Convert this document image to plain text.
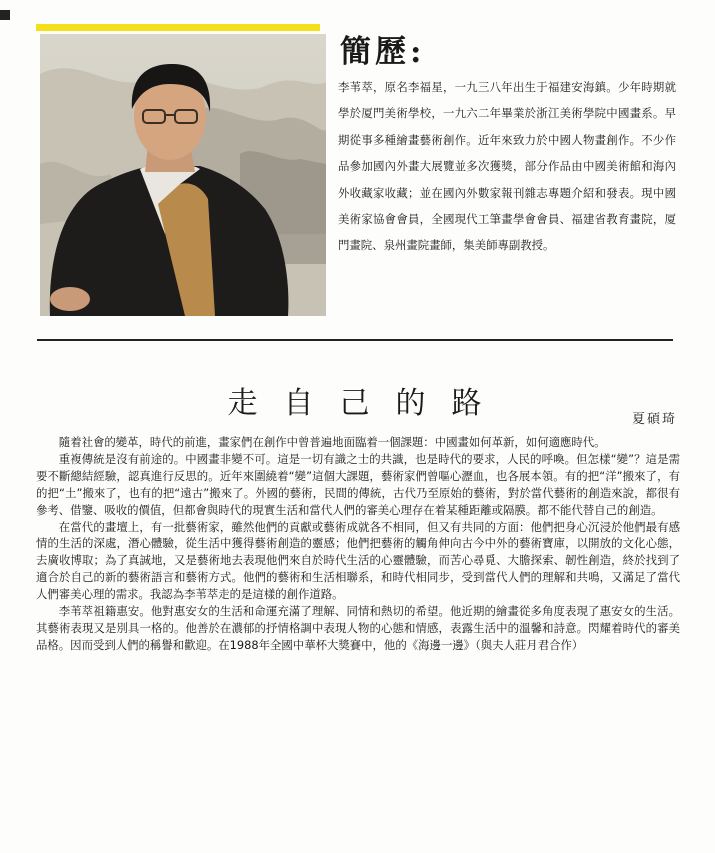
簡歷:

李苇萃，原名李福星，一九三八年出生于福建安海鎮。少年時期就學於厦門美術學校，一九六二年畢業於浙江美術學院中國畫系。早期從事多種繪畫藝術創作。近年來致力於中國人物畫創作。不少作品參加國內外畫大展覽並多次獲獎，部分作品由中國美術館和海內外收藏家收藏；並在國內外數家報刊雜志專題介紹和發表。現中國美術家協會會員，全國現代工筆畫學會會員、福建省教育畫院，厦門畫院、泉州畫院畫師，集美師專副教授。

走自己的路	夏碩琦

隨着社會的變革，時代的前進，畫家們在創作中曾普遍地面臨着一個課題：中國畫如何革新，如何適應時代。

重複傳統是沒有前途的。中國畫非變不可。這是一切有識之士的共識，也是時代的要求，人民的呼喚。但怎樣“變”？這是需要不斷總結經驗，認真進行反思的。近年來圍繞着“變”這個大課題，藝術家們曾嘔心瀝血，也各展本領。有的把“洋”搬來了，有的把“土”搬來了，也有的把“遠古”搬來了。外國的藝術，民間的傳統，古代乃至原始的藝術，對於當代藝術的創造來說，都很有參考、借鑒、吸收的價值，但都會與時代的現實生活和當代人們的審美心理存在着某種距離或隔膜。都不能代替自己的創造。

在當代的畫壇上，有一批藝術家，雖然他們的貢獻或藝術成就各不相同，但又有共同的方面：他們把身心沉浸於他們最有感情的生活的深處，潛心體驗，從生活中獲得藝術創造的靈感；他們把藝術的觸角伸向古今中外的藝術寶庫，以開放的文化心態，去廣收博取；為了真誠地，又是藝術地去表現他們來自於時代生活的心靈體驗，而苦心尋覓、大膽探索、韌性創造，終於找到了適合於自己的新的藝術語言和藝術方式。他們的藝術和生活相聯系，和時代相同步，受到當代人們的理解和共鳴，又滿足了當代人們審美心理的需求。我認為李苇萃走的是這樣的創作道路。

李苇萃祖籍惠安。他對惠安女的生活和命運充滿了理解、同情和熱切的希望。他近期的繪畫從多角度表現了惠安女的生活。其藝術表現又是別具一格的。他善於在濃郁的抒情格調中表現人物的心態和情感，表露生活中的溫馨和詩意。閃耀着時代的審美品格。因而受到人們的稱譽和歡迎。在1988年全國中華杯大獎賽中，他的《海邊一邊》（與夫人莊月君合作）
